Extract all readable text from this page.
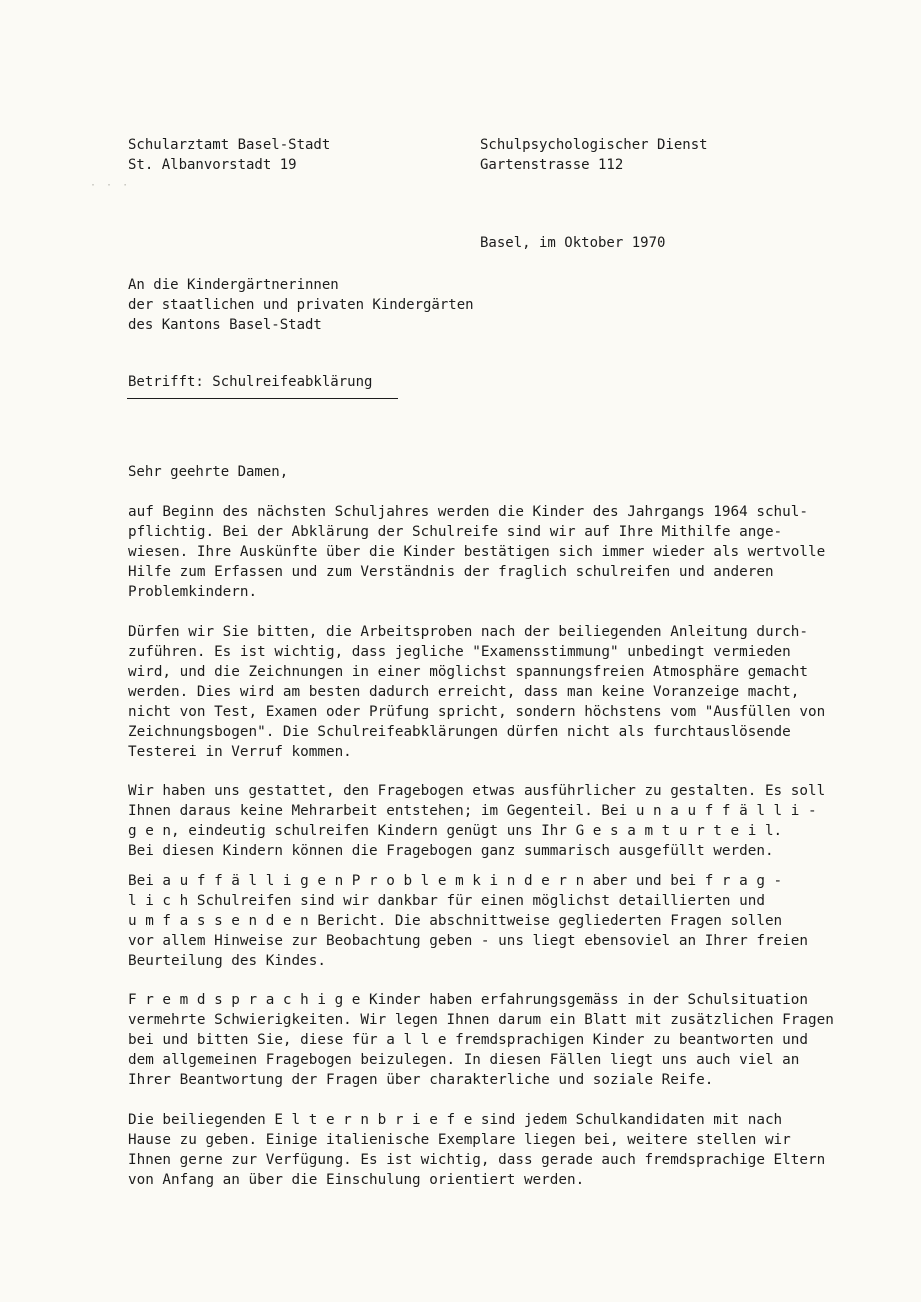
· · ·
Schularztamt Basel-Stadt
St. Albanvorstadt 19
Schulpsychologischer Dienst
Gartenstrasse 112
Basel, im Oktober 1970
An die Kindergärtnerinnen
der staatlichen und privaten Kindergärten
des Kantons Basel-Stadt
Betrifft: Schulreifeabklärung
Sehr geehrte Damen,
auf Beginn des nächsten Schuljahres werden die Kinder des Jahrgangs 1964 schul-
pflichtig. Bei der Abklärung der Schulreife sind wir auf Ihre Mithilfe ange-
wiesen. Ihre Auskünfte über die Kinder bestätigen sich immer wieder als wertvolle
Hilfe zum Erfassen und zum Verständnis der fraglich schulreifen und anderen
Problemkindern.
Dürfen wir Sie bitten, die Arbeitsproben nach der beiliegenden Anleitung durch-
zuführen. Es ist wichtig, dass jegliche "Examensstimmung" unbedingt vermieden
wird, und die Zeichnungen in einer möglichst spannungsfreien Atmosphäre gemacht
werden. Dies wird am besten dadurch erreicht, dass man keine Voranzeige macht,
nicht von Test, Examen oder Prüfung spricht, sondern höchstens vom "Ausfüllen von
Zeichnungsbogen". Die Schulreifeabklärungen dürfen nicht als furchtauslösende
Testerei in Verruf kommen.
Wir haben uns gestattet, den Fragebogen etwas ausführlicher zu gestalten. Es soll
Ihnen daraus keine Mehrarbeit entstehen; im Gegenteil. Bei u n a u f f ä l l i -
g e n, eindeutig schulreifen Kindern genügt uns Ihr G e s a m t u r t e i l.
Bei diesen Kindern können die Fragebogen ganz summarisch ausgefüllt werden.
Bei a u f f ä l l i g e n P r o b l e m k i n d e r n aber und bei f r a g -
l i c h Schulreifen sind wir dankbar für einen möglichst detaillierten und
u m f a s s e n d e n Bericht. Die abschnittweise gegliederten Fragen sollen
vor allem Hinweise zur Beobachtung geben - uns liegt ebensoviel an Ihrer freien
Beurteilung des Kindes.
F r e m d s p r a c h i g e Kinder haben erfahrungsgemäss in der Schulsituation
vermehrte Schwierigkeiten. Wir legen Ihnen darum ein Blatt mit zusätzlichen Fragen
bei und bitten Sie, diese für a l l e fremdsprachigen Kinder zu beantworten und
dem allgemeinen Fragebogen beizulegen. In diesen Fällen liegt uns auch viel an
Ihrer Beantwortung der Fragen über charakterliche und soziale Reife.
Die beiliegenden E l t e r n b r i e f e sind jedem Schulkandidaten mit nach
Hause zu geben. Einige italienische Exemplare liegen bei, weitere stellen wir
Ihnen gerne zur Verfügung. Es ist wichtig, dass gerade auch fremdsprachige Eltern
von Anfang an über die Einschulung orientiert werden.
